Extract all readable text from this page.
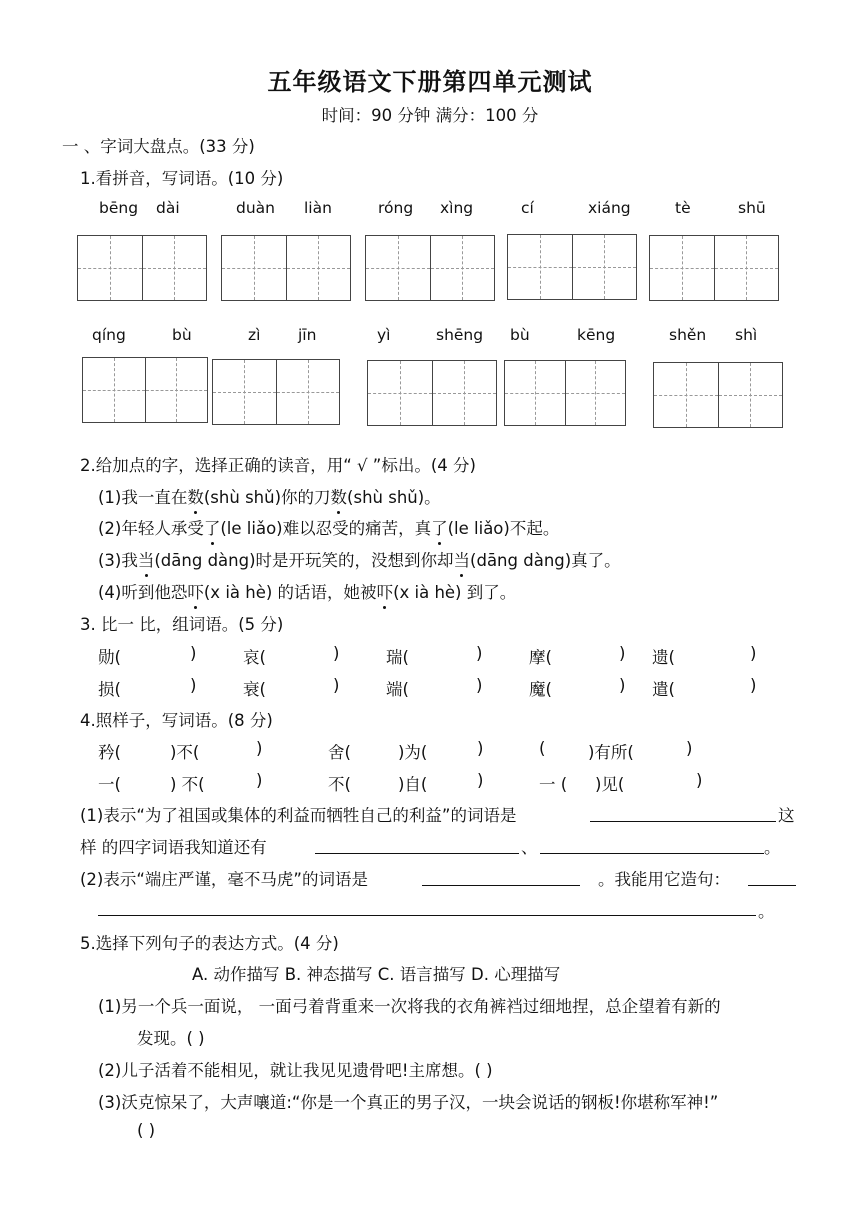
五年级语文下册第四单元测试
时间：90 分钟 满分：100 分
一 、字词大盘点。(33 分)
1.看拼音，写词语。(10 分)
bēng dài	duàn liàn	róng xìng	cí	xiáng	tè	shū
qíng	bù	zì jīn	yì	shēng bù	kēng	shěn shì
2.给加点的字，选择正确的读音，用“ √ ”标出。(4 分)
(1)我一直在数(shù shǔ)你的刀数(shù shǔ)。
(2)年轻人承受了(le liǎo)难以忍受的痛苦，真了(le liǎo)不起。
(3)我当(dāng dàng)时是开玩笑的，没想到你却当(dāng dàng)真了。
(4)听到他恐吓(x ià hè) 的话语，她被吓(x ià hè) 到了。
3. 比一 比，组词语。(5 分)
勋(	)	哀(	)	瑞(	)	摩(	) 遗(	)
损(	)	衰(	)	端(	)	魔(	) 遣(	)
4.照样子，写词语。(8 分)
矜(	)不(	)	舍(	)为(	)	(	)有所(	)
一(	) 不(	)	不(	)自(	)	一 ( )见(	)
(1)表示“为了祖国或集体的利益而牺牲自己的利益”的词语是	这
样 的四字词语我知道还有	、	。
(2)表示“端庄严谨，毫不马虎”的词语是	。我能用它造句：
。
5.选择下列句子的表达方式。(4 分)
A. 动作描写 B. 神态描写 C. 语言描写 D. 心理描写
(1)另一个兵一面说， 一面弓着背重来一次将我的衣角裤裆过细地捏，总企望着有新的
发现。( )
(2)儿子活着不能相见，就让我见见遗骨吧!主席想。( )
(3)沃克惊呆了，大声嚷道:“你是一个真正的男子汉，一块会说话的钢板!你堪称军神!”
( )
